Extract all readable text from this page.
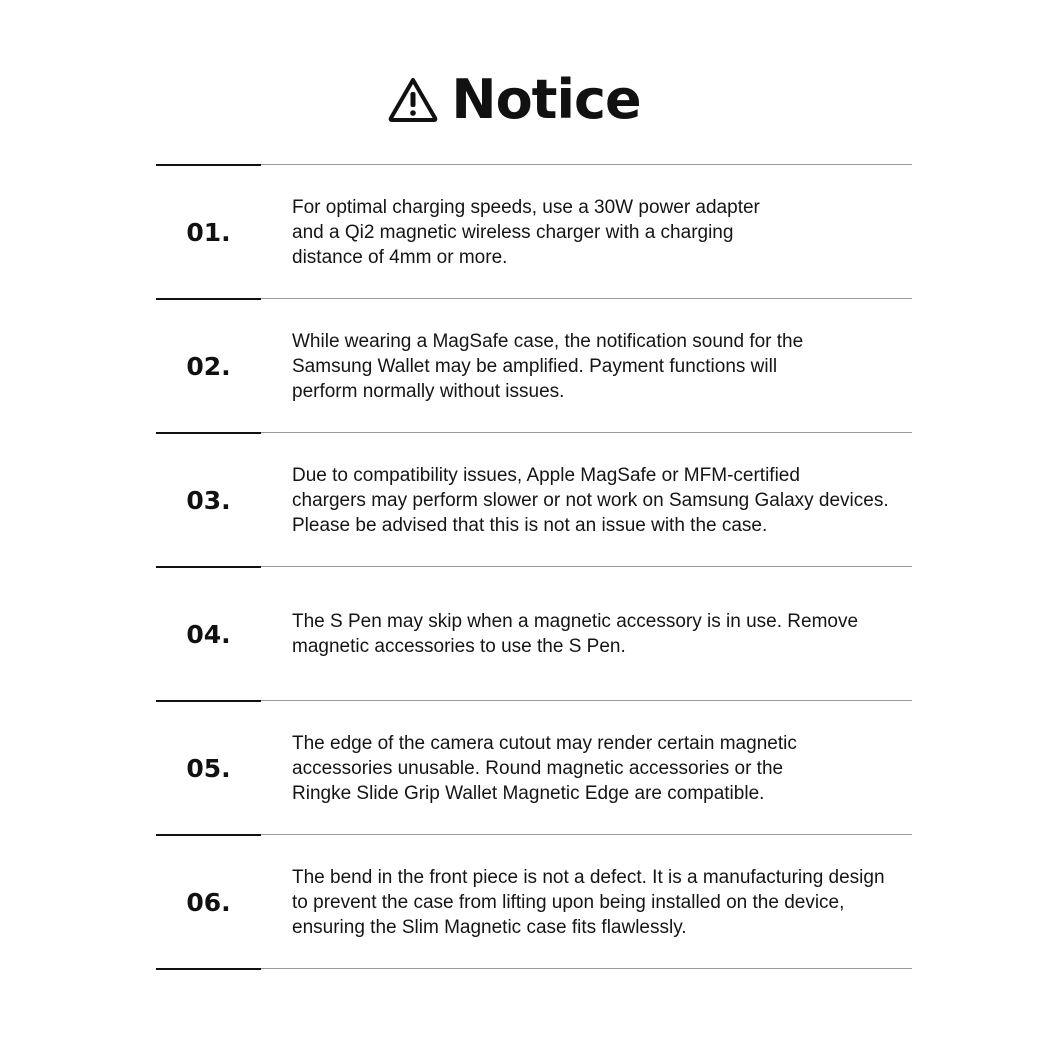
Notice
01.
For optimal charging speeds, use a 30W power adapter
and a Qi2 magnetic wireless charger with a charging
distance of 4mm or more.
02.
While wearing a MagSafe case, the notification sound for the
Samsung Wallet may be amplified. Payment functions will
perform normally without issues.
03.
Due to compatibility issues, Apple MagSafe or MFM-certified
chargers may perform slower or not work on Samsung Galaxy devices.
Please be advised that this is not an issue with the case.
04.	The S Pen may skip when a magnetic accessory is in use. Remove
magnetic accessories to use the S Pen.
05.
The edge of the camera cutout may render certain magnetic
accessories unusable. Round magnetic accessories or the
Ringke Slide Grip Wallet Magnetic Edge are compatible.
06.
The bend in the front piece is not a defect. It is a manufacturing design
to prevent the case from lifting upon being installed on the device,
ensuring the Slim Magnetic case fits flawlessly.
